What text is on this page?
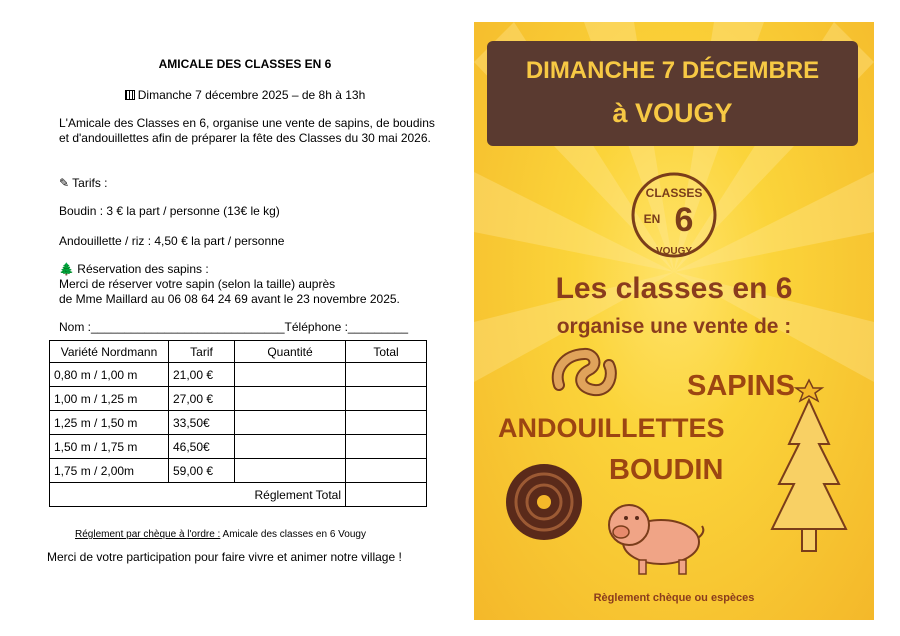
AMICALE DES CLASSES EN 6
Dimanche 7 décembre 2025 – de 8h à 13h
L'Amicale des Classes en 6, organise une vente de sapins, de boudins et d'andouillettes afin de préparer la fête des Classes du 30 mai 2026.
✎ Tarifs :
Boudin : 3 € la part / personne (13€ le kg)
Andouillette / riz : 4,50 € la part / personne
🌲 Réservation des sapins :
Merci de réserver votre sapin (selon la taille) auprès
de Mme Maillard au 06 08 64 24 69 avant le 23 novembre 2025.
Nom :_____________________________Téléphone :_________
Variété Nordmann	Tarif	Quantité	Total
0,80 m / 1,00 m	21,00 €		
1,00 m / 1,25 m	27,00 €		
1,25 m / 1,50 m	33,50€		
1,50 m / 1,75 m	46,50€		
1,75 m / 2,00m	59,00 €		
Réglement Total			
Réglement par chèque à l'ordre : Amicale des classes en 6 Vougy
Merci de votre participation pour faire vivre et animer notre village !
DIMANCHE 7 DÉCEMBRE
à VOUGY
CLASSES
EN 6
VOUGY
Les classes en 6
organise une vente de :
SAPINS
ANDOUILLETTES
BOUDIN
Règlement chèque ou espèces
